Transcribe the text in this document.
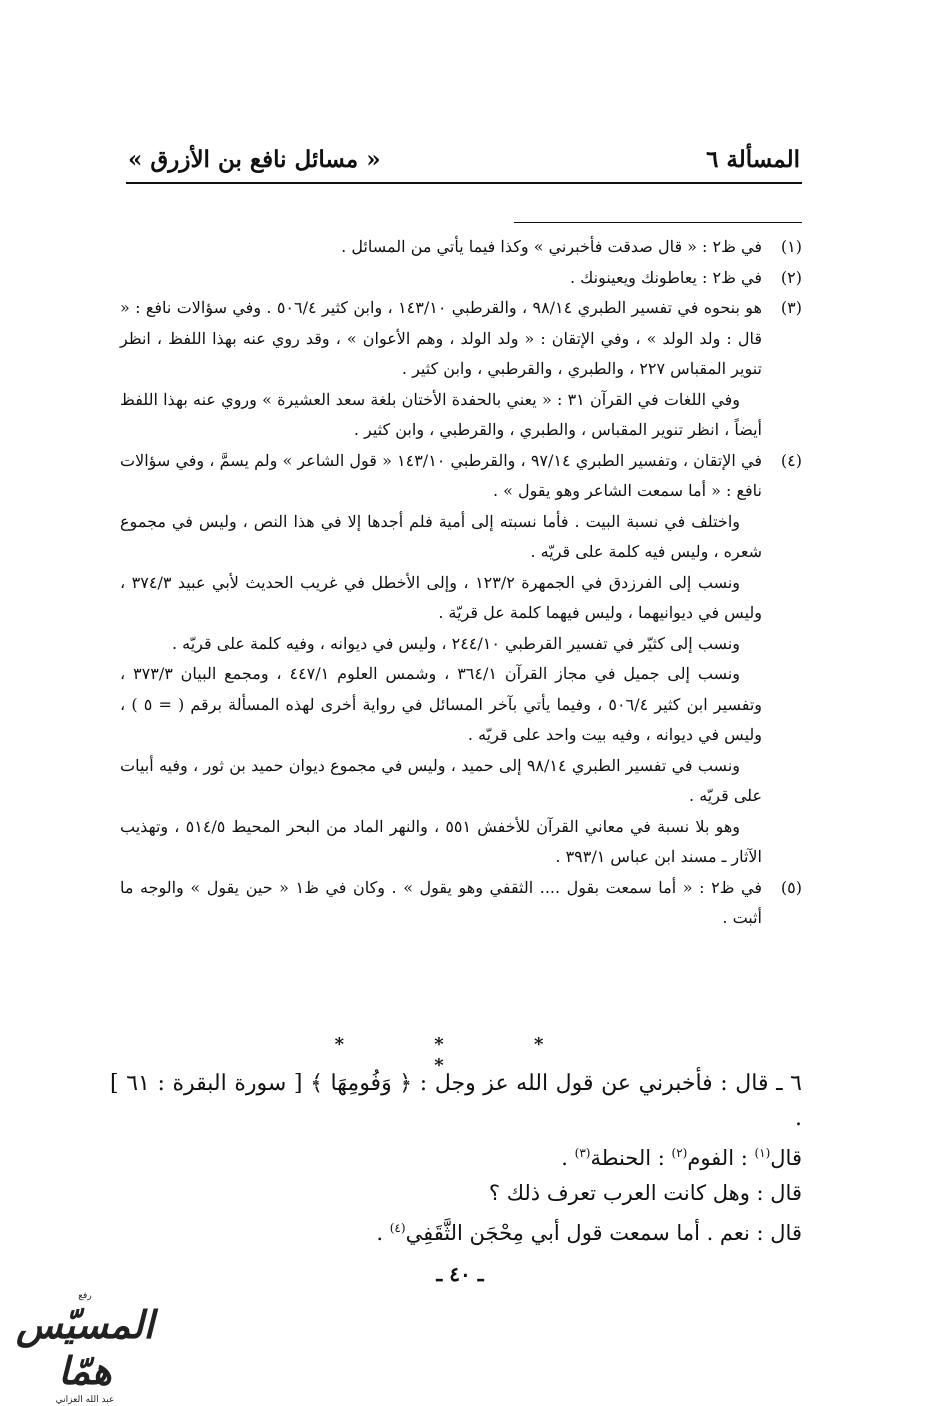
المسألة ٦
« مسائل نافع بن الأزرق »
(١)

في ظ٢ : « قال صدقت فأخبرني » وكذا فيما يأتي من المسائل .

(٢)

في ظ٢ : يعاطونك ويعينونك .

(٣)

هو بنحوه في تفسير الطبري ٩٨/١٤ ، والقرطبي ١٤٣/١٠ ، وابن كثير ٥٠٦/٤ . وفي سؤالات نافع : « قال : ولد الولد » ، وفي الإتقان : « ولد الولد ، وهم الأعوان » ، وقد روي عنه بهذا اللفظ ، انظر تنوير المقباس ٢٢٧ ، والطبري ، والقرطبي ، وابن كثير .

وفي اللغات في القرآن ٣١ : « يعني بالحفدة الأختان بلغة سعد العشيرة » وروي عنه بهذا اللفظ أيضاً ، انظر تنوير المقباس ، والطبري ، والقرطبي ، وابن كثير .

(٤)

في الإتقان ، وتفسير الطبري ٩٧/١٤ ، والقرطبي ١٤٣/١٠ « قول الشاعر » ولم يسمَّ ، وفي سؤالات نافع : « أما سمعت الشاعر وهو يقول » .

واختلف في نسبة البيت . فأما نسبته إلى أمية فلم أجدها إلا في هذا النص ، وليس في مجموع شعره ، وليس فيه كلمة على قريّه .

ونسب إلى الفرزدق في الجمهرة ١٢٣/٢ ، وإلى الأخطل في غريب الحديث لأبي عبيد ٣٧٤/٣ ، وليس في ديوانيهما ، وليس فيهما كلمة عل قريّة .

ونسب إلى كثيّر في تفسير القرطبي ٢٤٤/١٠ ، وليس في ديوانه ، وفيه كلمة على قريّه .

ونسب إلى جميل في مجاز القرآن ٣٦٤/١ ، وشمس العلوم ٤٤٧/١ ، ومجمع البيان ٣٧٣/٣ ، وتفسير ابن كثير ٥٠٦/٤ ، وفيما يأتي بآخر المسائل في رواية أخرى لهذه المسألة برقم ( = ٥ ) ، وليس في ديوانه ، وفيه بيت واحد على قريّه .

ونسب في تفسير الطبري ٩٨/١٤ إلى حميد ، وليس في مجموع ديوان حميد بن ثور ، وفيه أبيات على قريّه .

وهو بلا نسبة في معاني القرآن للأخفش ٥٥١ ، والنهر الماد من البحر المحيط ٥١٤/٥ ، وتهذيب الآثار ـ مسند ابن عباس ٣٩٣/١ .

(٥)

في ظ٢ : « أما سمعت بقول .... الثقفي وهو يقول » . وكان في ظ١ « حين يقول » والوجه ما أثبت .

* * * *

٦ ـ قال : فأخبرني عن قول الله عز وجل : ﴿ وَفُومِهَا ﴾ [ سورة البقرة : ٦١ ] .

قال$^{(١)}$ : الفوم$^{(٢)}$ : الحنطة$^{(٣)}$ .

قال : وهل كانت العرب تعرف ذلك ؟

قال : نعم . أما سمعت قول أبي مِحْجَن الثَّقَفِي$^{(٤)}$ .

ـ ٤٠ ـ
رفع
المسيّس همّا
عبد الله العزاني
